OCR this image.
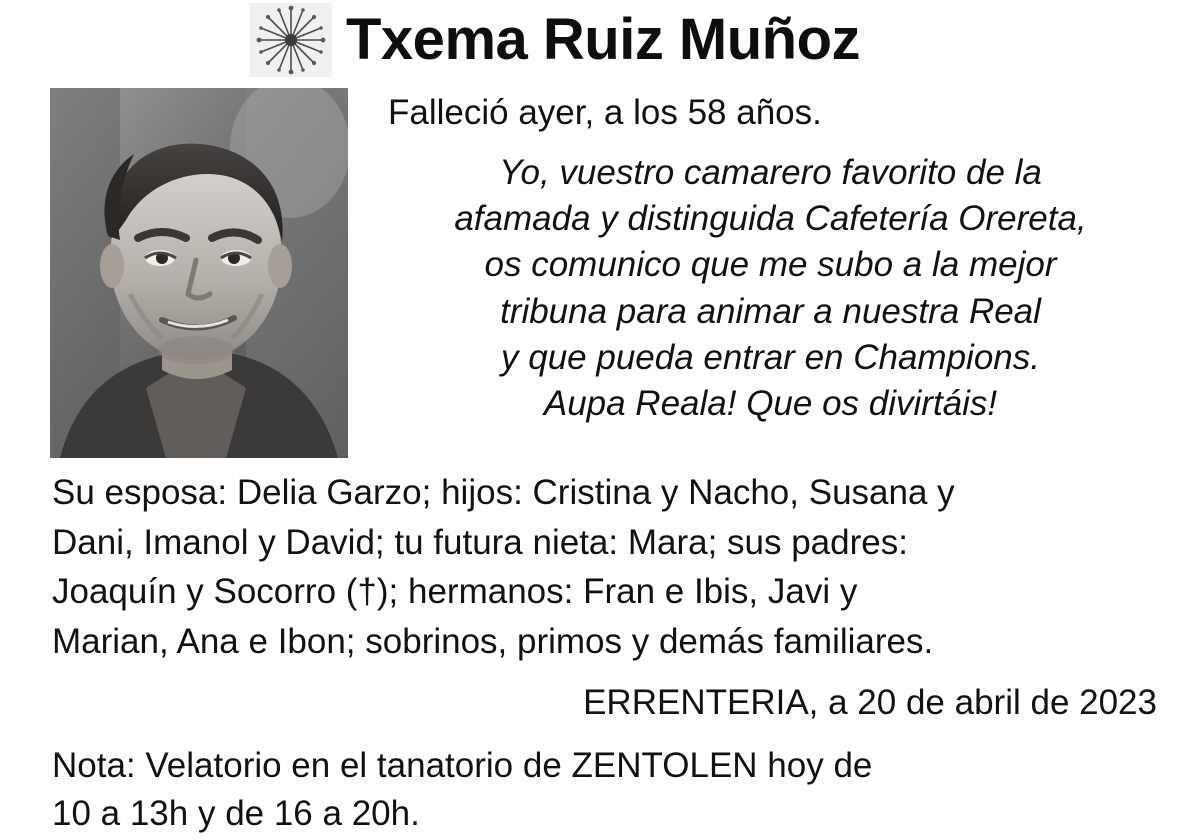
Txema Ruiz Muñoz
Falleció ayer, a los 58 años.
Yo, vuestro camarero favorito de la
afamada y distinguida Cafetería Orereta,
os comunico que me subo a la mejor
tribuna para animar a nuestra Real
y que pueda entrar en Champions.
Aupa Reala! Que os divirtáis!
Su esposa: Delia Garzo; hijos: Cristina y Nacho, Susana y
Dani, Imanol y David; tu futura nieta: Mara; sus padres:
Joaquín y Socorro (†); hermanos: Fran e Ibis, Javi y
Marian, Ana e Ibon; sobrinos, primos y demás familiares.
ERRENTERIA, a 20 de abril de 2023
Nota: Velatorio en el tanatorio de ZENTOLEN hoy de
10 a 13h y de 16 a 20h.
